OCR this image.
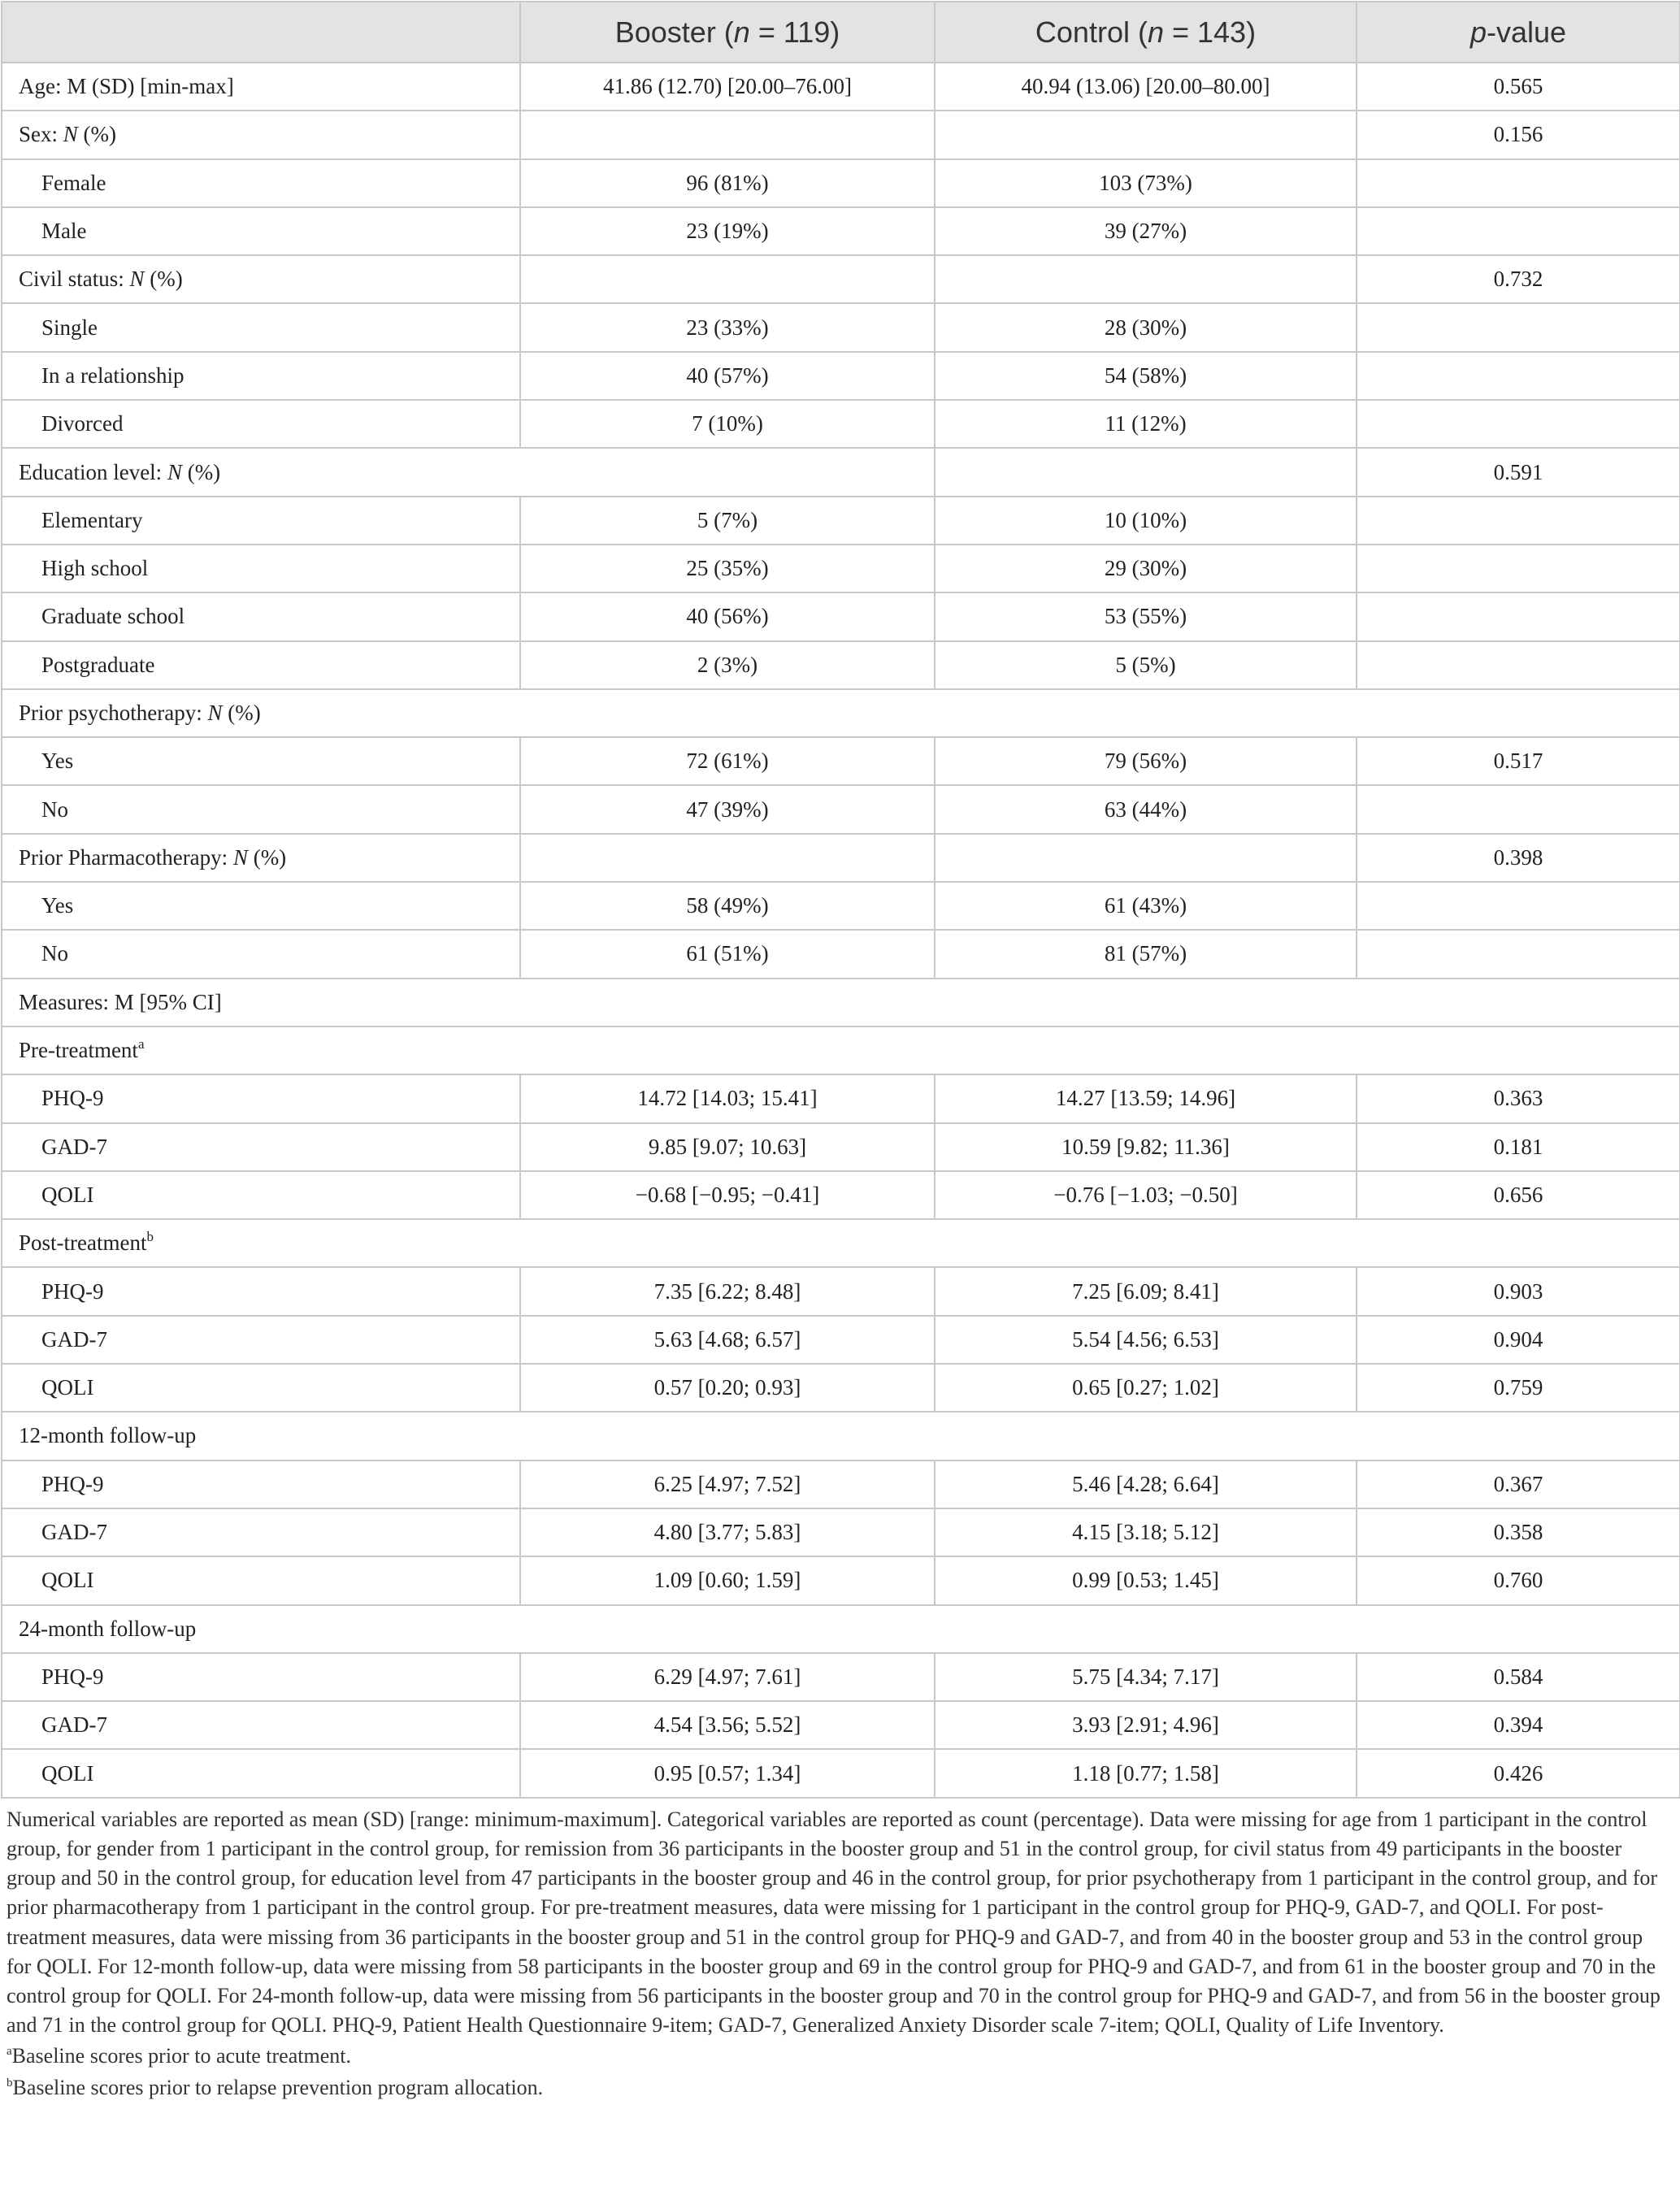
	Booster (n = 119)	Control (n = 143)	p-value
Age: M (SD) [min-max]	41.86 (12.70) [20.00–76.00]	40.94 (13.06) [20.00–80.00]	0.565
Sex: N (%)			0.156
Female	96 (81%)	103 (73%)	
Male	23 (19%)	39 (27%)	
Civil status: N (%)			0.732
Single	23 (33%)	28 (30%)	
In a relationship	40 (57%)	54 (58%)	
Divorced	7 (10%)	11 (12%)	
Education level: N (%)			0.591
Elementary	5 (7%)	10 (10%)	
High school	25 (35%)	29 (30%)	
Graduate school	40 (56%)	53 (55%)	
Postgraduate	2 (3%)	5 (5%)	
Prior psychotherapy: N (%)			
Yes	72 (61%)	79 (56%)	0.517
No	47 (39%)	63 (44%)	
Prior Pharmacotherapy: N (%)			0.398
Yes	58 (49%)	61 (43%)	
No	61 (51%)	81 (57%)	
Measures: M [95% CI]			
Pre-treatment$^a$
PHQ-9	14.72 [14.03; 15.41]	14.27 [13.59; 14.96]	0.363
GAD-7	9.85 [9.07; 10.63]	10.59 [9.82; 11.36]	0.181
QOLI	−0.68 [−0.95; −0.41]	−0.76 [−1.03; −0.50]	0.656
Post-treatment$^b$
PHQ-9	7.35 [6.22; 8.48]	7.25 [6.09; 8.41]	0.903
GAD-7	5.63 [4.68; 6.57]	5.54 [4.56; 6.53]	0.904
QOLI	0.57 [0.20; 0.93]	0.65 [0.27; 1.02]	0.759
12-month follow-up			
PHQ-9	6.25 [4.97; 7.52]	5.46 [4.28; 6.64]	0.367
GAD-7	4.80 [3.77; 5.83]	4.15 [3.18; 5.12]	0.358
QOLI	1.09 [0.60; 1.59]	0.99 [0.53; 1.45]	0.760
24-month follow-up			
PHQ-9	6.29 [4.97; 7.61]	5.75 [4.34; 7.17]	0.584
GAD-7	4.54 [3.56; 5.52]	3.93 [2.91; 4.96]	0.394
QOLI	0.95 [0.57; 1.34]	1.18 [0.77; 1.58]	0.426
Numerical variables are reported as mean (SD) [range: minimum-maximum]. Categorical variables are reported as count (percentage). Data were missing for age from 1 participant in the control group, for gender from 1 participant in the control group, for remission from 36 participants in the booster group and 51 in the control group, for civil status from 49 participants in the booster group and 50 in the control group, for education level from 47 participants in the booster group and 46 in the control group, for prior psychotherapy from 1 participant in the control group, and for prior pharmacotherapy from 1 participant in the control group. For pre-treatment measures, data were missing for 1 participant in the control group for PHQ-9, GAD-7, and QOLI. For post-treatment measures, data were missing from 36 participants in the booster group and 51 in the control group for PHQ-9 and GAD-7, and from 40 in the booster group and 53 in the control group for QOLI. For 12-month follow-up, data were missing from 58 participants in the booster group and 69 in the control group for PHQ-9 and GAD-7, and from 61 in the booster group and 70 in the control group for QOLI. For 24-month follow-up, data were missing from 56 participants in the booster group and 70 in the control group for PHQ-9 and GAD-7, and from 56 in the booster group and 71 in the control group for QOLI. PHQ-9, Patient Health Questionnaire 9-item; GAD-7, Generalized Anxiety Disorder scale 7-item; QOLI, Quality of Life Inventory.
$^a$Baseline scores prior to acute treatment.
$^b$Baseline scores prior to relapse prevention program allocation.
